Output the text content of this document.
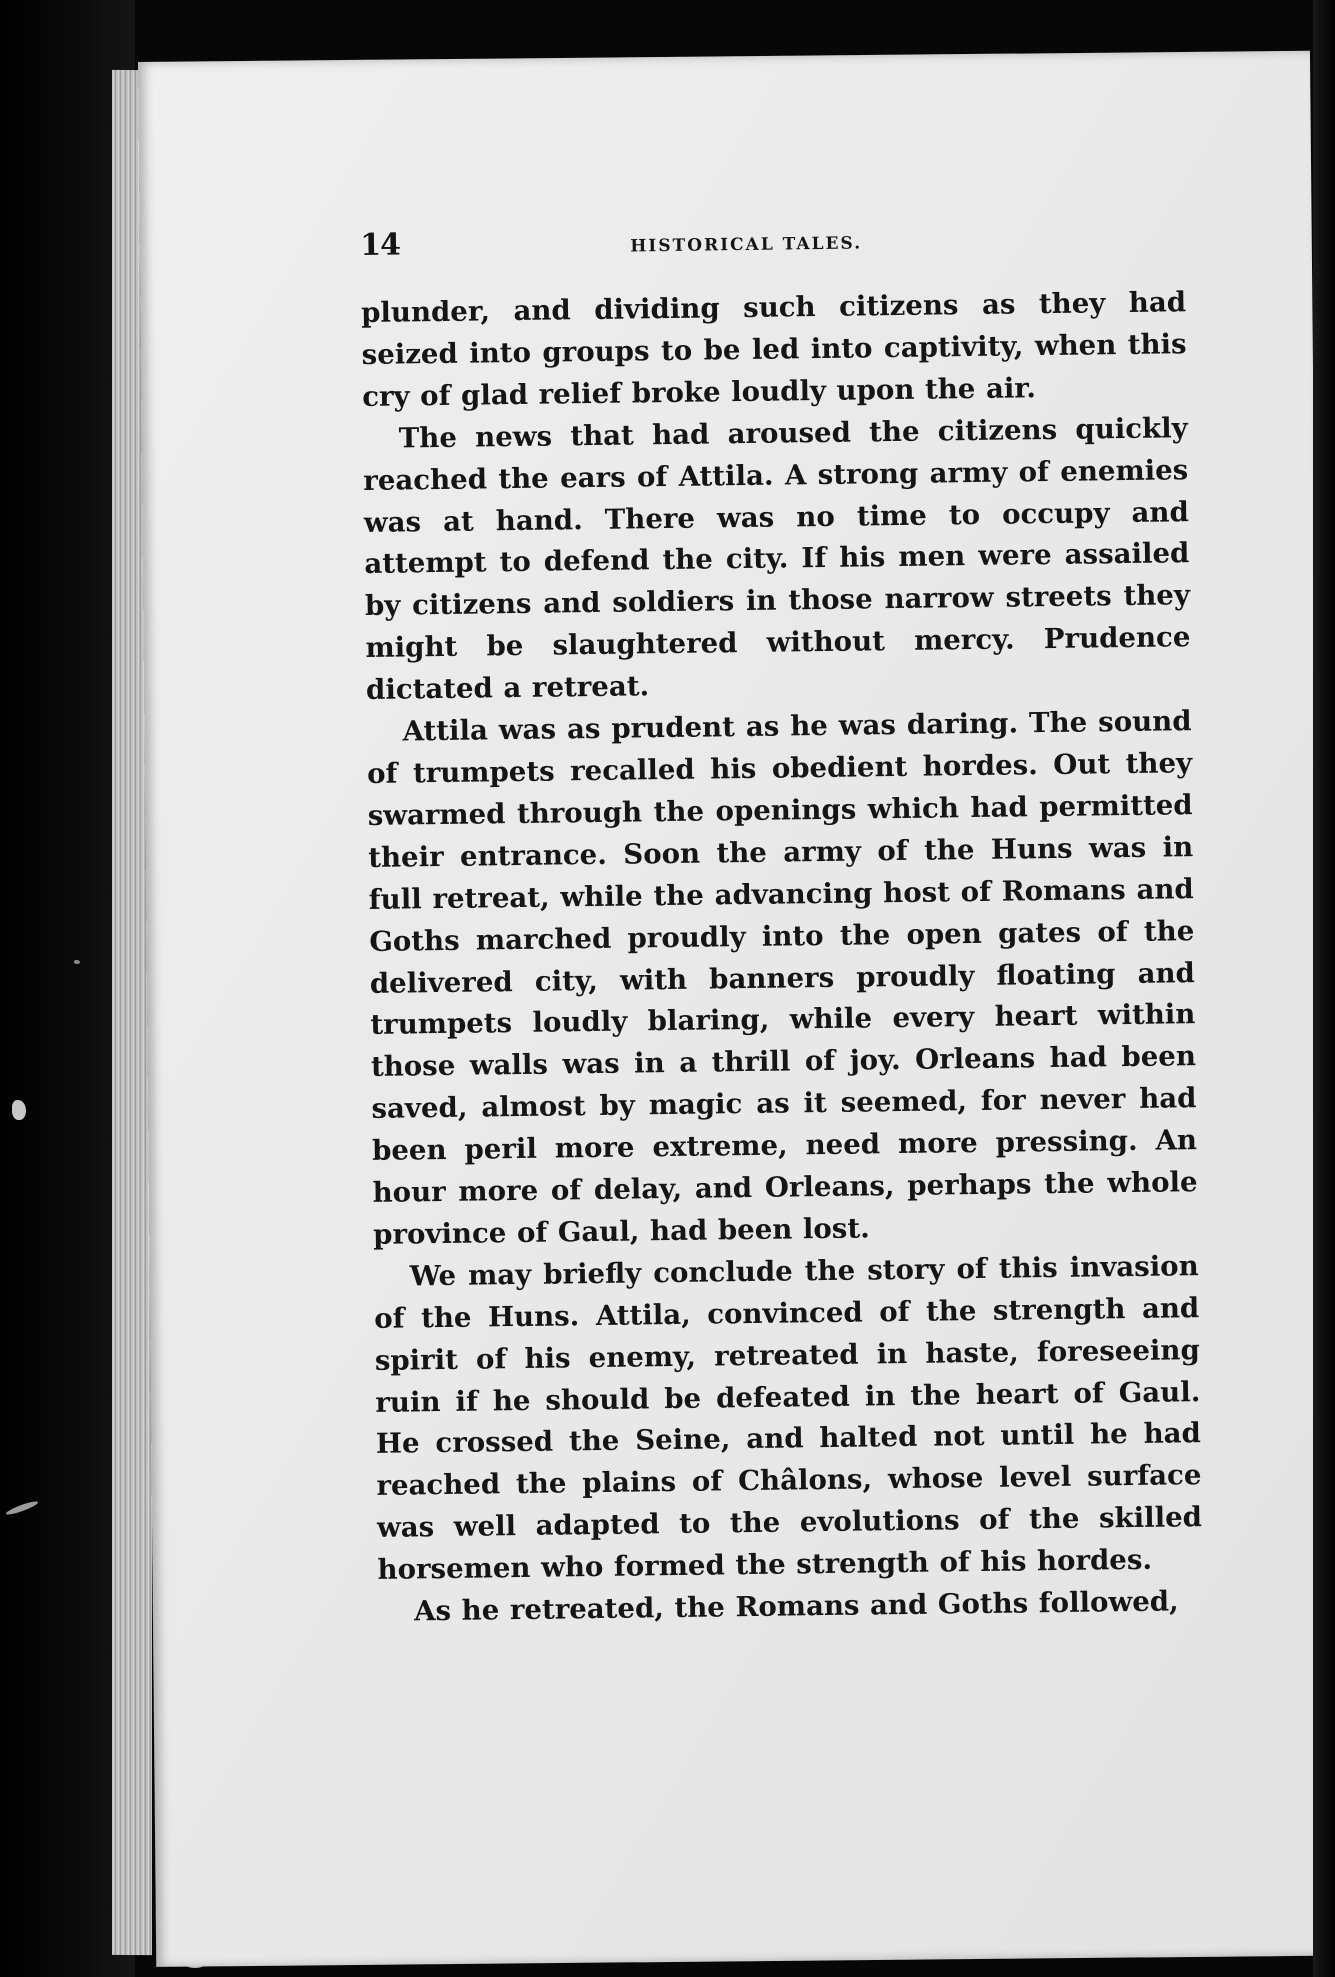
14	HISTORICAL TALES.

plunder, and dividing such citizens as they had seized into groups to be led into captivity, when this cry of glad relief broke loudly upon the air.

The news that had aroused the citizens quickly reached the ears of Attila. A strong army of enemies was at hand. There was no time to occupy and attempt to defend the city. If his men were assailed by citizens and soldiers in those narrow streets they might be slaughtered without mercy. Prudence dictated a retreat.

Attila was as prudent as he was daring. The sound of trumpets recalled his obedient hordes. Out they swarmed through the openings which had permitted their entrance. Soon the army of the Huns was in full retreat, while the advancing host of Romans and Goths marched proudly into the open gates of the delivered city, with banners proudly floating and trumpets loudly blaring, while every heart within those walls was in a thrill of joy. Orleans had been saved, almost by magic as it seemed, for never had been peril more extreme, need more pressing. An hour more of delay, and Orleans, perhaps the whole province of Gaul, had been lost.

We may briefly conclude the story of this invasion of the Huns. Attila, convinced of the strength and spirit of his enemy, retreated in haste, foreseeing ruin if he should be defeated in the heart of Gaul. He crossed the Seine, and halted not until he had reached the plains of Châlons, whose level surface was well adapted to the evolutions of the skilled horsemen who formed the strength of his hordes.

As he retreated, the Romans and Goths followed,
